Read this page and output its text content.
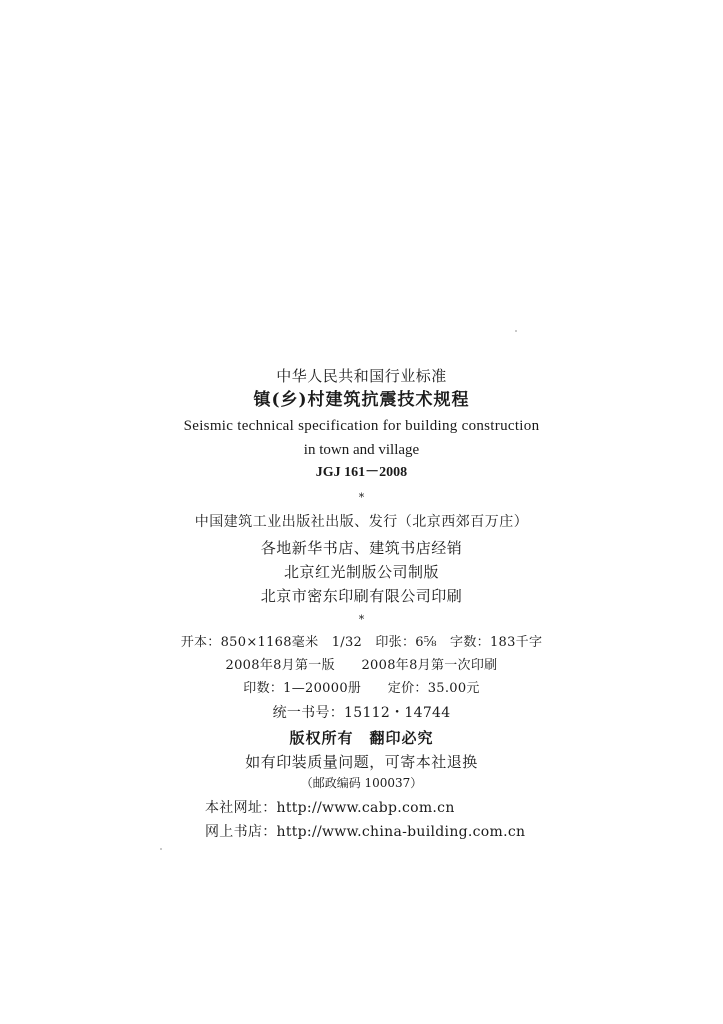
中华人民共和国行业标准
镇(乡)村建筑抗震技术规程
Seismic technical specification for building construction
in town and village
JGJ 161－2008
*
中国建筑工业出版社出版、发行（北京西郊百万庄）
各地新华书店、建筑书店经销
北京红光制版公司制版
北京市密东印刷有限公司印刷
*
开本：850×1168毫米　1/32　印张：6⅝　字数：183千字
2008年8月第一版　　2008年8月第一次印刷
印数：1—20000册　　定价：35.00元
统一书号：15112・14744
版权所有　翻印必究
如有印装质量问题，可寄本社退换
（邮政编码 100037）
本社网址：http://www.cabp.com.cn
网上书店：http://www.china-building.com.cn
